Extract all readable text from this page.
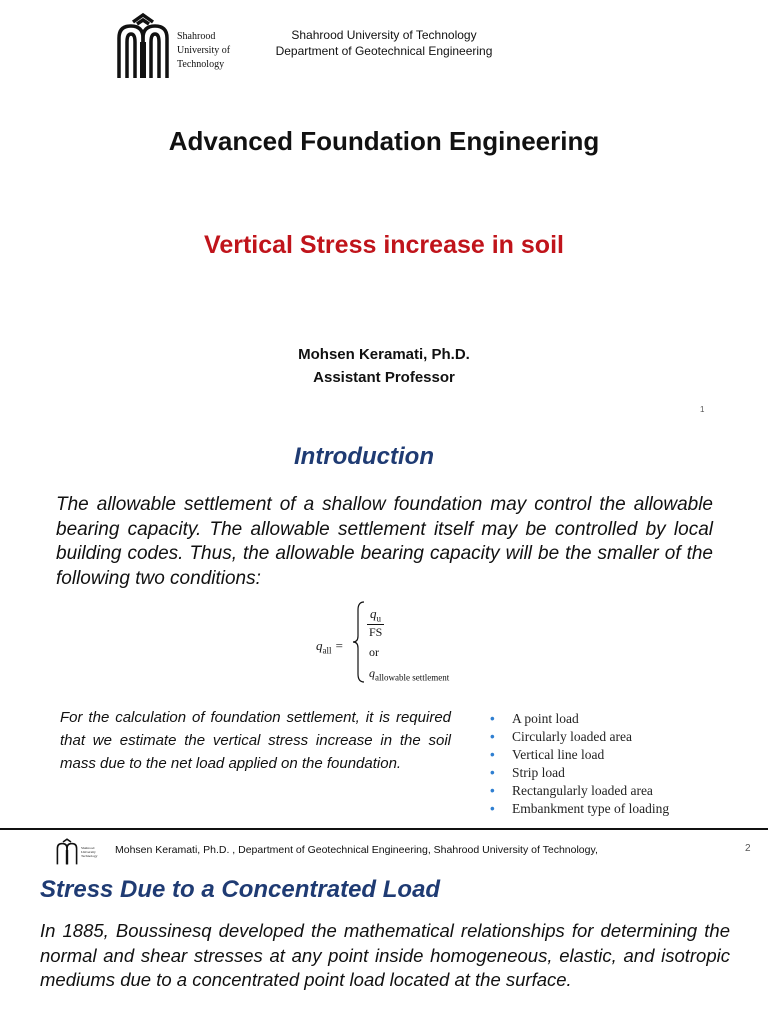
Shahrood
University of
Technology
Shahrood University of Technology
Department of Geotechnical Engineering
Advanced Foundation Engineering
Vertical Stress increase in soil
Mohsen Keramati, Ph.D.
Assistant Professor
1
Introduction
The allowable settlement of a shallow foundation may control the allowable bearing capacity. The allowable settlement itself may be controlled by local building codes. Thus, the allowable bearing capacity will be the smaller of the following two conditions:
$q_{all}$ =
$q_u$
FS
or
$q_{allowable settlement}$
For the calculation of foundation settlement, it is required that we estimate the vertical stress increase in the soil mass due to the net load applied on the foundation.
• A point load
• Circularly loaded area
• Vertical line load
• Strip load
• Rectangularly loaded area
• Embankment type of loading
Shahrood
University
Technology Mohsen Keramati, Ph.D. , Department of Geotechnical Engineering, Shahrood University of Technology,	2
Stress Due to a Concentrated Load
In 1885, Boussinesq developed the mathematical relationships for determining the normal and shear stresses at any point inside homogeneous, elastic, and isotropic mediums due to a concentrated point load located at the surface.
